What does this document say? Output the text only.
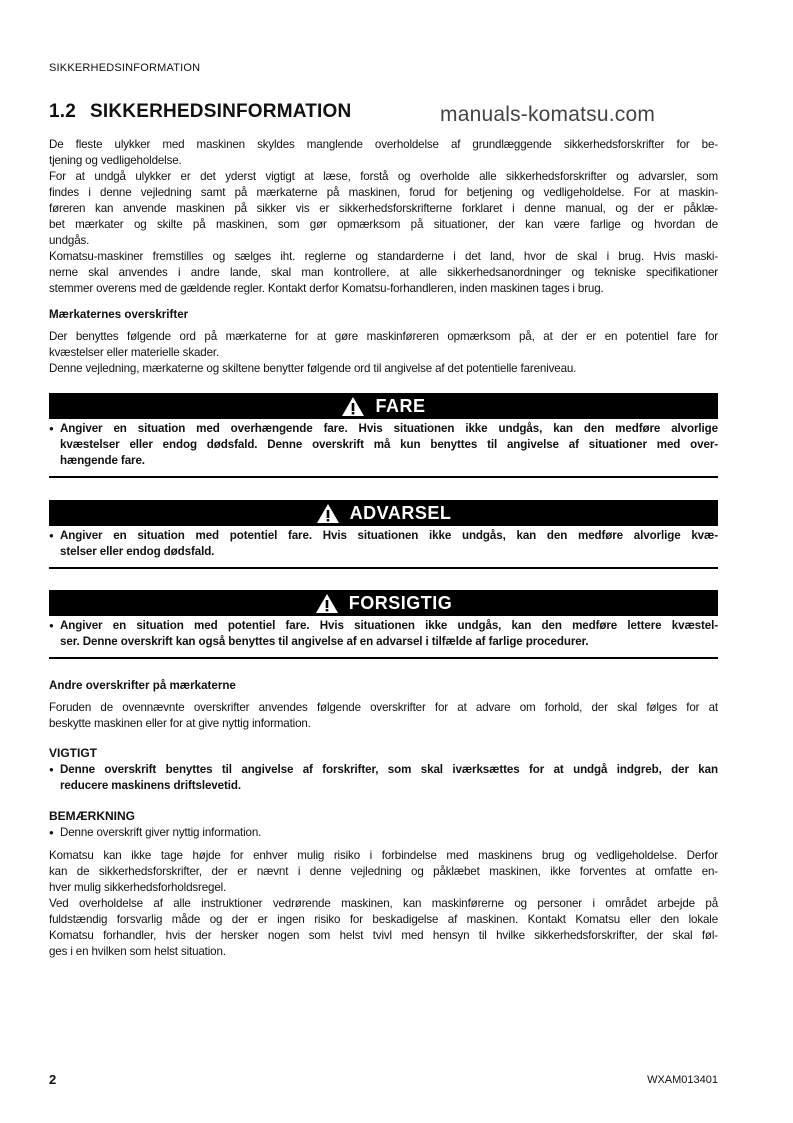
SIKKERHEDSINFORMATION
1.2 SIKKERHEDSINFORMATION	manuals-komatsu.com
De fleste ulykker med maskinen skyldes manglende overholdelse af grundlæggende sikkerhedsforskrifter for be-
tjening og vedligeholdelse.
For at undgå ulykker er det yderst vigtigt at læse, forstå og overholde alle sikkerhedsforskrifter og advarsler, som
findes i denne vejledning samt på mærkaterne på maskinen, forud for betjening og vedligeholdelse. For at maskin-
føreren kan anvende maskinen på sikker vis er sikkerhedsforskrifterne forklaret i denne manual, og der er påklæ-
bet mærkater og skilte på maskinen, som gør opmærksom på situationer, der kan være farlige og hvordan de
undgås.
Komatsu-maskiner fremstilles og sælges iht. reglerne og standarderne i det land, hvor de skal i brug. Hvis maski-
nerne skal anvendes i andre lande, skal man kontrollere, at alle sikkerhedsanordninger og tekniske specifikationer
stemmer overens med de gældende regler. Kontakt derfor Komatsu-forhandleren, inden maskinen tages i brug.
Mærkaternes overskrifter
Der benyttes følgende ord på mærkaterne for at gøre maskinføreren opmærksom på, at der er en potentiel fare for
kvæstelser eller materielle skader.
Denne vejledning, mærkaterne og skiltene benytter følgende ord til angivelse af det potentielle fareniveau.
FARE
● Angiver en situation med overhængende fare. Hvis situationen ikke undgås, kan den medføre alvorlige
kvæstelser eller endog dødsfald. Denne overskrift må kun benyttes til angivelse af situationer med over-
hængende fare.
ADVARSEL
● Angiver en situation med potentiel fare. Hvis situationen ikke undgås, kan den medføre alvorlige kvæ-
stelser eller endog dødsfald.
FORSIGTIG
● Angiver en situation med potentiel fare. Hvis situationen ikke undgås, kan den medføre lettere kvæstel-
ser. Denne overskrift kan også benyttes til angivelse af en advarsel i tilfælde af farlige procedurer.
Andre overskrifter på mærkaterne
Foruden de ovennævnte overskrifter anvendes følgende overskrifter for at advare om forhold, der skal følges for at
beskytte maskinen eller for at give nyttig information.
VIGTIGT
● Denne overskrift benyttes til angivelse af forskrifter, som skal iværksættes for at undgå indgreb, der kan
reducere maskinens driftslevetid.
BEMÆRKNING
● Denne overskrift giver nyttig information.
Komatsu kan ikke tage højde for enhver mulig risiko i forbindelse med maskinens brug og vedligeholdelse. Derfor
kan de sikkerhedsforskrifter, der er nævnt i denne vejledning og påklæbet maskinen, ikke forventes at omfatte en-
hver mulig sikkerhedsforholdsregel.
Ved overholdelse af alle instruktioner vedrørende maskinen, kan maskinførerne og personer i området arbejde på
fuldstændig forsvarlig måde og der er ingen risiko for beskadigelse af maskinen. Kontakt Komatsu eller den lokale
Komatsu forhandler, hvis der hersker nogen som helst tvivl med hensyn til hvilke sikkerhedsforskrifter, der skal føl-
ges i en hvilken som helst situation.
2	WXAM013401
